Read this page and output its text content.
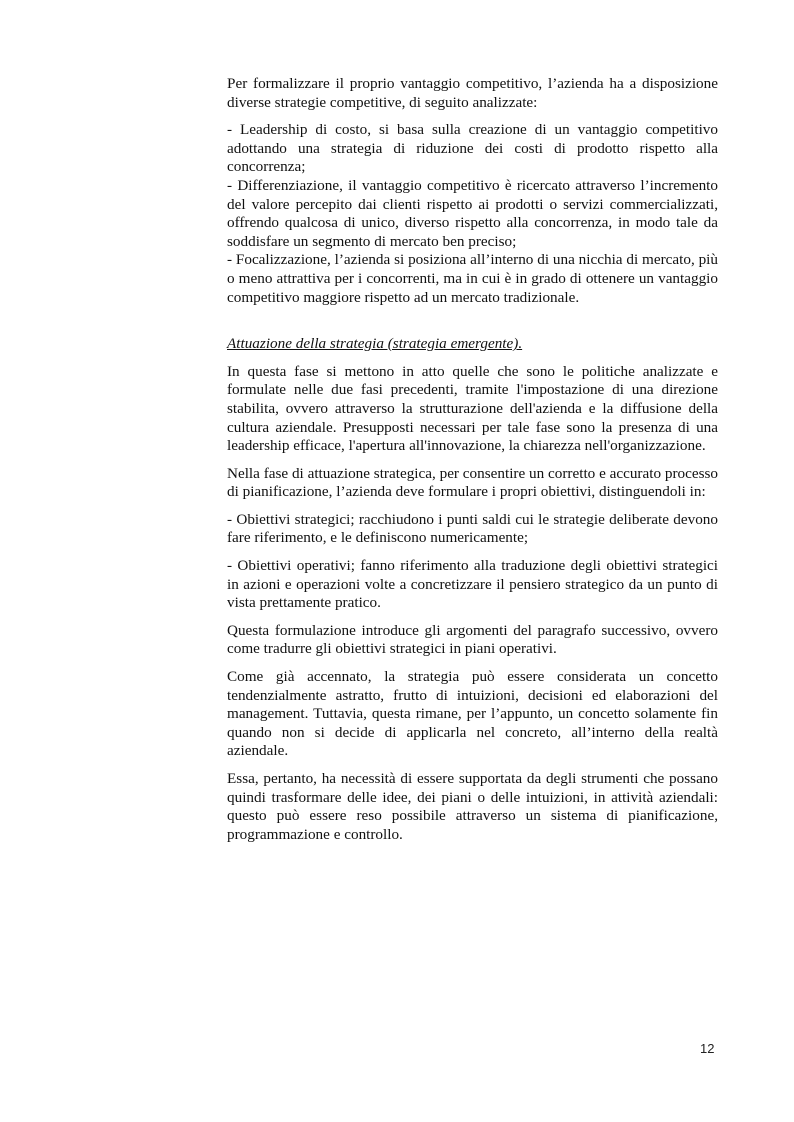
Per formalizzare il proprio vantaggio competitivo, l’azienda ha a disposizione diverse strategie competitive, di seguito analizzate:

- Leadership di costo, si basa sulla creazione di un vantaggio competitivo adottando una strategia di riduzione dei costi di prodotto rispetto alla concorrenza;

- Differenziazione, il vantaggio competitivo è ricercato attraverso l’incremento del valore percepito dai clienti rispetto ai prodotti o servizi commercializzati, offrendo qualcosa di unico, diverso rispetto alla concorrenza, in modo tale da soddisfare un segmento di mercato ben preciso;

- Focalizzazione, l’azienda si posiziona all’interno di una nicchia di mercato, più o meno attrattiva per i concorrenti, ma in cui è in grado di ottenere un vantaggio competitivo maggiore rispetto ad un mercato tradizionale.

Attuazione della strategia (strategia emergente).

In questa fase si mettono in atto quelle che sono le politiche analizzate e formulate nelle due fasi precedenti, tramite l'impostazione di una direzione stabilita, ovvero attraverso la strutturazione dell'azienda e la diffusione della cultura aziendale. Presupposti necessari per tale fase sono la presenza di una leadership efficace, l'apertura all'innovazione, la chiarezza nell'organizzazione.

Nella fase di attuazione strategica, per consentire un corretto e accurato processo di pianificazione, l’azienda deve formulare i propri obiettivi, distinguendoli in:

- Obiettivi strategici; racchiudono i punti saldi cui le strategie deliberate devono fare riferimento, e le definiscono numericamente;

- Obiettivi operativi; fanno riferimento alla traduzione degli obiettivi strategici in azioni e operazioni volte a concretizzare il pensiero strategico da un punto di vista prettamente pratico.

Questa formulazione introduce gli argomenti del paragrafo successivo, ovvero come tradurre gli obiettivi strategici in piani operativi.

Come già accennato, la strategia può essere considerata un concetto tendenzialmente astratto, frutto di intuizioni, decisioni ed elaborazioni del management. Tuttavia, questa rimane, per l’appunto, un concetto solamente fin quando non si decide di applicarla nel concreto, all’interno della realtà aziendale.

Essa, pertanto, ha necessità di essere supportata da degli strumenti che possano quindi trasformare delle idee, dei piani o delle intuizioni, in attività aziendali: questo può essere reso possibile attraverso un sistema di pianificazione, programmazione e controllo.

12
